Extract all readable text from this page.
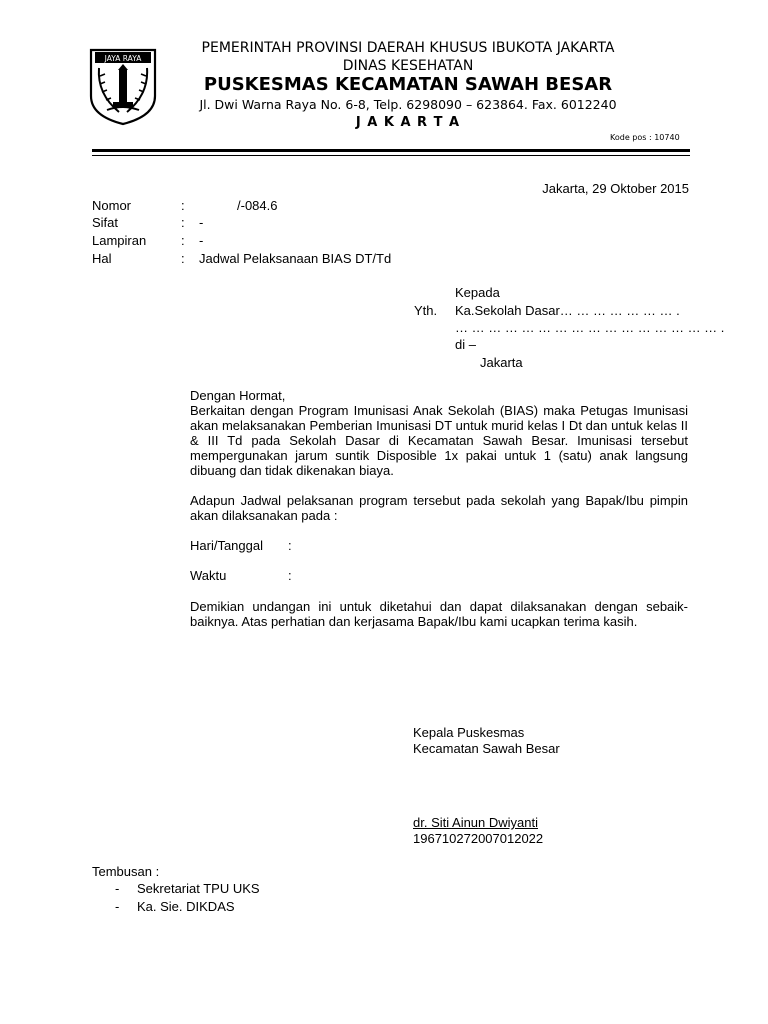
JAYA RAYA
PEMERINTAH PROVINSI DAERAH KHUSUS IBUKOTA JAKARTA
DINAS KESEHATAN
PUSKESMAS KECAMATAN SAWAH BESAR
Jl. Dwi Warna Raya No. 6-8, Telp. 6298090 – 623864. Fax. 6012240
J A K A R T A
Kode pos : 10740
Jakarta, 29 Oktober 2015
Nomor	:	/-084.6
Sifat	: -
Lampiran	: -
Hal	: Jadwal Pelaksanaan BIAS DT/Td
Kepada
Yth. Ka.Sekolah Dasar… … … … … … … .
… … … … … … … … … … … … … … … … .
di –
Jakarta
Dengan Hormat,
Berkaitan dengan Program Imunisasi Anak Sekolah (BIAS) maka Petugas Imunisasi akan melaksanakan Pemberian Imunisasi DT untuk murid kelas I Dt dan untuk kelas II & III Td pada Sekolah Dasar di Kecamatan Sawah Besar. Imunisasi tersebut mempergunakan jarum suntik Disposible 1x pakai untuk 1 (satu) anak langsung dibuang dan tidak dikenakan biaya.
Adapun Jadwal pelaksanan program tersebut pada sekolah yang Bapak/Ibu pimpin akan dilaksanakan pada :
Hari/Tanggal :
Waktu	:
Demikian undangan ini untuk diketahui dan dapat dilaksanakan dengan sebaik-baiknya. Atas perhatian dan kerjasama Bapak/Ibu kami ucapkan terima kasih.
Kepala Puskesmas
Kecamatan Sawah Besar
dr. Siti Ainun Dwiyanti
196710272007012022
Tembusan :
- Sekretariat TPU UKS
- Ka. Sie. DIKDAS
